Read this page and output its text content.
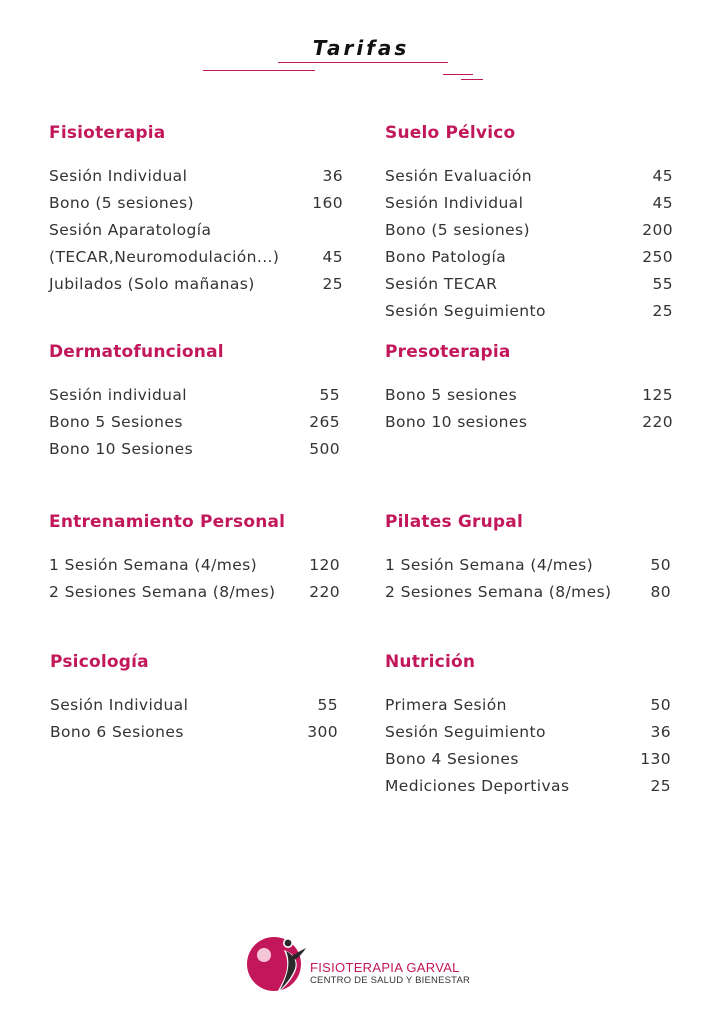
Tarifas
Fisioterapia
Sesión Individual	36
Bono (5 sesiones)	160
Sesión Aparatología
(TECAR,Neuromodulación...)	45
Jubilados (Solo mañanas)	25
Suelo Pélvico
Sesión Evaluación	45
Sesión Individual	45
Bono (5 sesiones)	200
Bono Patología	250
Sesión TECAR	55
Sesión Seguimiento	25
Dermatofuncional
Sesión individual	55
Bono 5 Sesiones	265
Bono 10 Sesiones	500
Presoterapia
Bono 5 sesiones	125
Bono 10 sesiones	220
Entrenamiento Personal
1 Sesión Semana (4/mes)	120
2 Sesiones Semana (8/mes) 220
Pilates Grupal
1 Sesión Semana (4/mes)	50
2 Sesiones Semana (8/mes)	80
Psicología
Sesión Individual	55
Bono 6 Sesiones	300
Nutrición
Primera Sesión	50
Sesión Seguimiento	36
Bono 4 Sesiones	130
Mediciones Deportivas	25
FISIOTERAPIA GARVAL
CENTRO DE SALUD Y BIENESTAR
